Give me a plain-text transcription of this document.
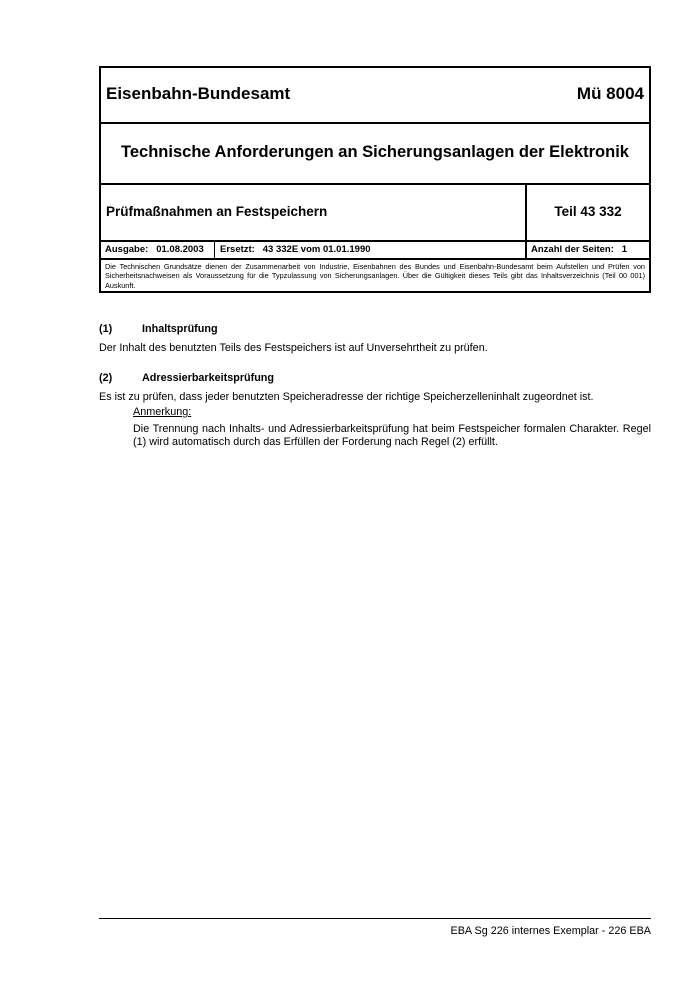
Eisenbahn-Bundesamt	Mü 8004
Technische Anforderungen an Sicherungsanlagen der Elektronik
Prüfmaßnahmen an Festspeichern	Teil 43 332
Ausgabe:   01.08.2003 Ersetzt:   43 332E vom 01.01.1990	Anzahl der Seiten:   1
Die Technischen Grundsätze dienen der Zusammenarbeit von Industrie, Eisenbahnen des Bundes und Eisenbahn-Bundesamt beim Aufstellen und Prüfen von Sicherheitsnachweisen als Voraussetzung für die Typzulassung von Sicherungsanlagen. Über die Gültigkeit dieses Teils gibt das Inhaltsverzeichnis (Teil 00 001) Auskunft.
(1)	Inhaltsprüfung
Der Inhalt des benutzten Teils des Festspeichers ist auf Unversehrtheit zu prüfen.
(2)	Adressierbarkeitsprüfung
Es ist zu prüfen, dass jeder benutzten Speicheradresse der richtige Speicherzelleninhalt zugeordnet ist.
Anmerkung:
Die Trennung nach Inhalts- und Adressierbarkeitsprüfung hat beim Festspeicher formalen Charakter. Regel (1) wird automatisch durch das Erfüllen der Forderung nach Regel (2) erfüllt.
EBA Sg 226 internes Exemplar - 226 EBA
